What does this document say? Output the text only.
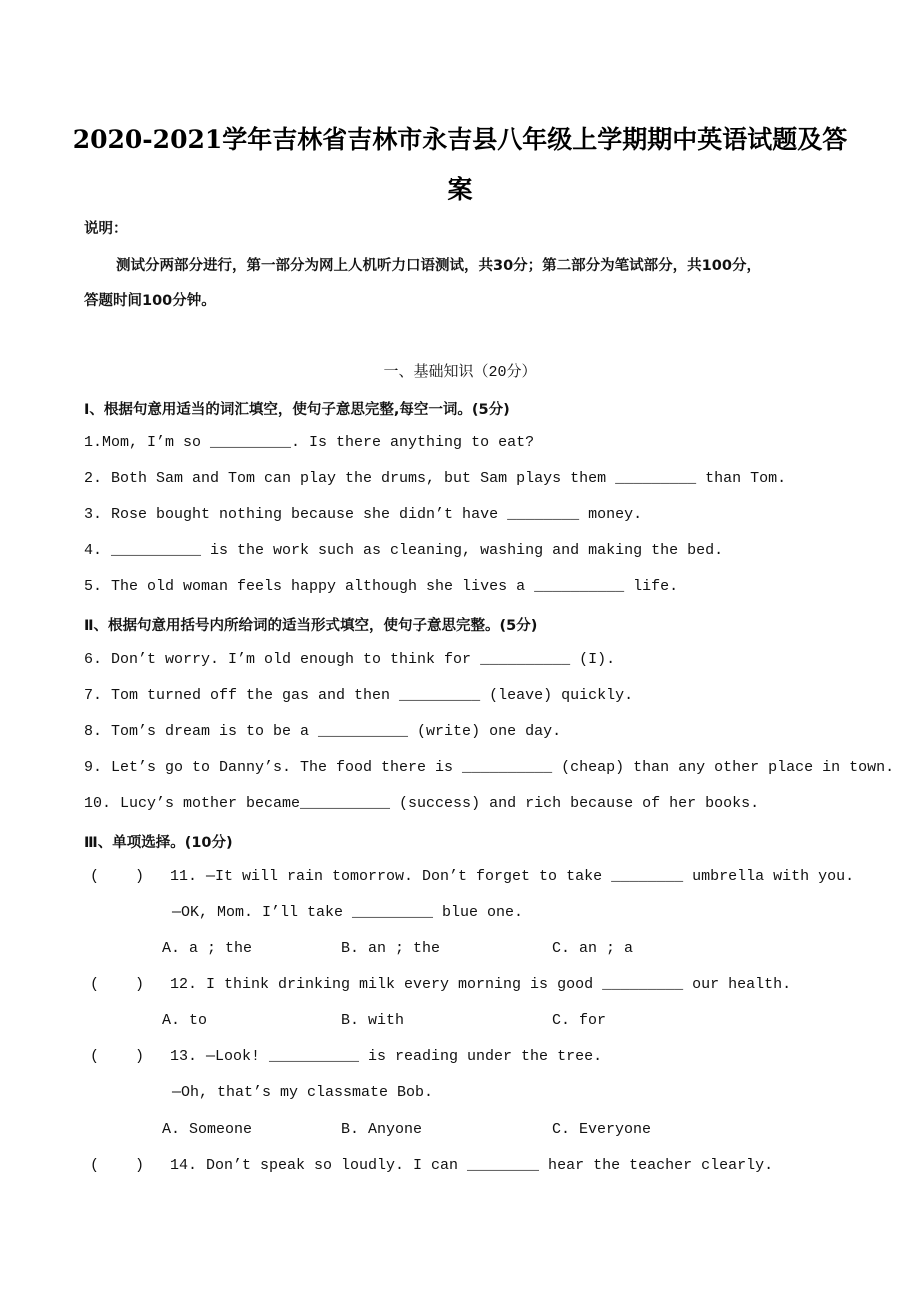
2020-2021学年吉林省吉林市永吉县八年级上学期期中英语试题及答
案
说明：
测试分两部分进行，第一部分为网上人机听力口语测试，共30分；第二部分为笔试部分，共100分，
答题时间100分钟。
一、基础知识（20分）
Ⅰ、根据句意用适当的词汇填空，使句子意思完整,每空一词。(5分)
1.Mom, I’m so _________. Is there anything to eat?
2. Both Sam and Tom can play the drums, but Sam plays them _________ than Tom.
3. Rose bought nothing because she didn’t have ________ money.
4. __________ is the work such as cleaning, washing and making the bed.
5. The old woman feels happy although she lives a __________ life.
Ⅱ、根据句意用括号内所给词的适当形式填空，使句子意思完整。(5分)
6. Don’t worry. I’m old enough to think for __________ (I).
7. Tom turned off the gas and then _________ (leave) quickly.
8. Tom’s dream is to be a __________ (write) one day.
9. Let’s go to Danny’s. The food there is __________ (cheap) than any other place in town.
10. Lucy’s mother became__________ (success) and rich because of her books.
Ⅲ、单项选择。(10分)
(    ) 11. —It will rain tomorrow. Don’t forget to take ________ umbrella with you.
—OK, Mom. I’ll take _________ blue one.
A. a ; the	B. an ; the	C. an ; a
(    ) 12. I think drinking milk every morning is good _________ our health.
A. to	B. with	C. for
(    ) 13. —Look! __________ is reading under the tree.
—Oh, that’s my classmate Bob.
A. Someone	B. Anyone	C. Everyone
(    ) 14. Don’t speak so loudly. I can ________ hear the teacher clearly.
